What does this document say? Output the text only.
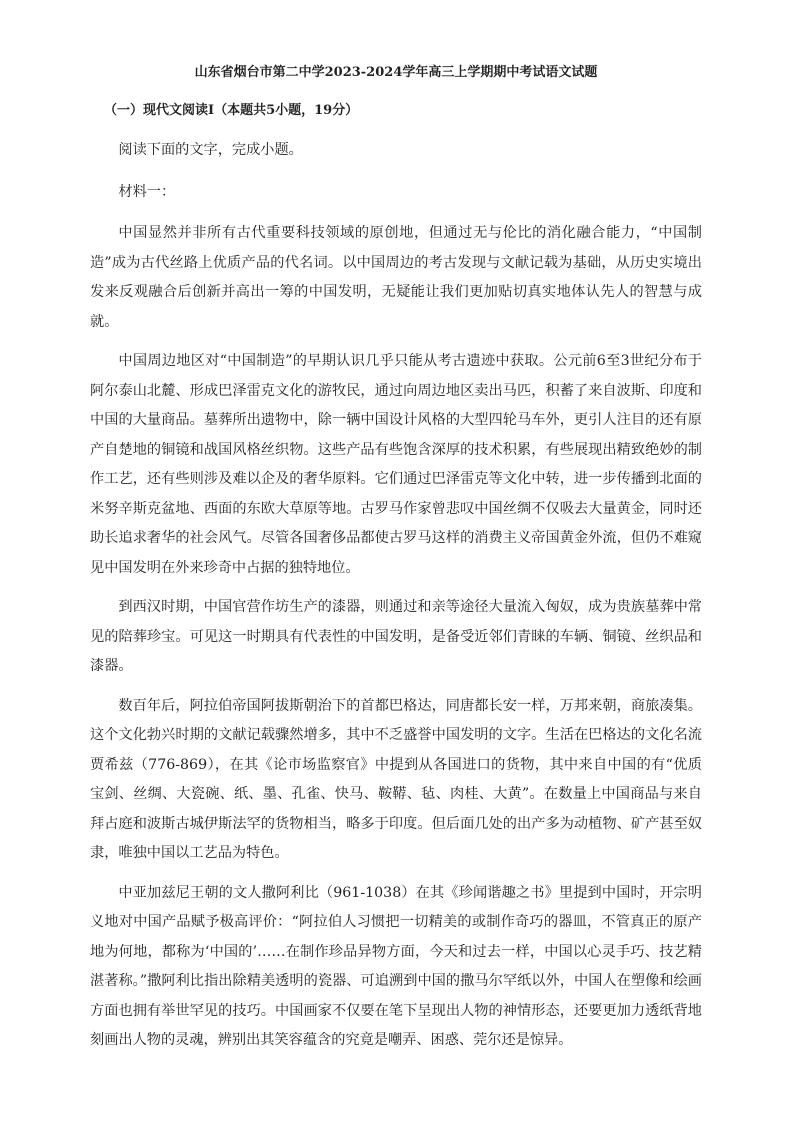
山东省烟台市第二中学2023-2024学年高三上学期期中考试语文试题
（一）现代文阅读Ⅰ（本题共5小题，19分）

阅读下面的文字，完成小题。

材料一：

中国显然并非所有古代重要科技领域的原创地，但通过无与伦比的消化融合能力，“中国制造”成为古代丝路上优质产品的代名词。以中国周边的考古发现与文献记载为基础，从历史实境出发来反观融合后创新并高出一筹的中国发明，无疑能让我们更加贴切真实地体认先人的智慧与成就。

中国周边地区对“中国制造”的早期认识几乎只能从考古遗迹中获取。公元前6至3世纪分布于阿尔泰山北麓、形成巴泽雷克文化的游牧民，通过向周边地区卖出马匹，积蓄了来自波斯、印度和中国的大量商品。墓葬所出遗物中，除一辆中国设计风格的大型四轮马车外，更引人注目的还有原产自楚地的铜镜和战国风格丝织物。这些产品有些饱含深厚的技术积累，有些展现出精致绝妙的制作工艺，还有些则涉及难以企及的奢华原料。它们通过巴泽雷克等文化中转，进一步传播到北面的米努辛斯克盆地、西面的东欧大草原等地。古罗马作家曾悲叹中国丝绸不仅吸去大量黄金，同时还助长追求奢华的社会风气。尽管各国奢侈品都使古罗马这样的消费主义帝国黄金外流，但仍不难窥见中国发明在外来珍奇中占据的独特地位。

到西汉时期，中国官营作坊生产的漆器，则通过和亲等途径大量流入匈奴，成为贵族墓葬中常见的陪葬珍宝。可见这一时期具有代表性的中国发明，是备受近邻们青睐的车辆、铜镜、丝织品和漆器。

数百年后，阿拉伯帝国阿拔斯朝治下的首都巴格达，同唐都长安一样，万邦来朝，商旅凑集。这个文化勃兴时期的文献记载骤然增多，其中不乏盛誉中国发明的文字。生活在巴格达的文化名流贾希兹（776-869），在其《论市场监察官》中提到从各国进口的货物，其中来自中国的有“优质宝剑、丝绸、大瓷碗、纸、墨、孔雀、快马、鞍鞯、毡、肉桂、大黄”。在数量上中国商品与来自拜占庭和波斯古城伊斯法罕的货物相当，略多于印度。但后面几处的出产多为动植物、矿产甚至奴隶，唯独中国以工艺品为特色。

中亚加兹尼王朝的文人撒阿利比（961-1038）在其《珍闻谐趣之书》里提到中国时，开宗明义地对中国产品赋予极高评价：“阿拉伯人习惯把一切精美的或制作奇巧的器皿，不管真正的原产地为何地，都称为‘中国的’……在制作珍品异物方面，今天和过去一样，中国以心灵手巧、技艺精湛著称。”撒阿利比指出除精美透明的瓷器、可追溯到中国的撒马尔罕纸以外，中国人在塑像和绘画方面也拥有举世罕见的技巧。中国画家不仅要在笔下呈现出人物的神情形态，还要更加力透纸背地刻画出人物的灵魂，辨别出其笑容蕴含的究竟是嘲弄、困惑、莞尔还是惊异。
